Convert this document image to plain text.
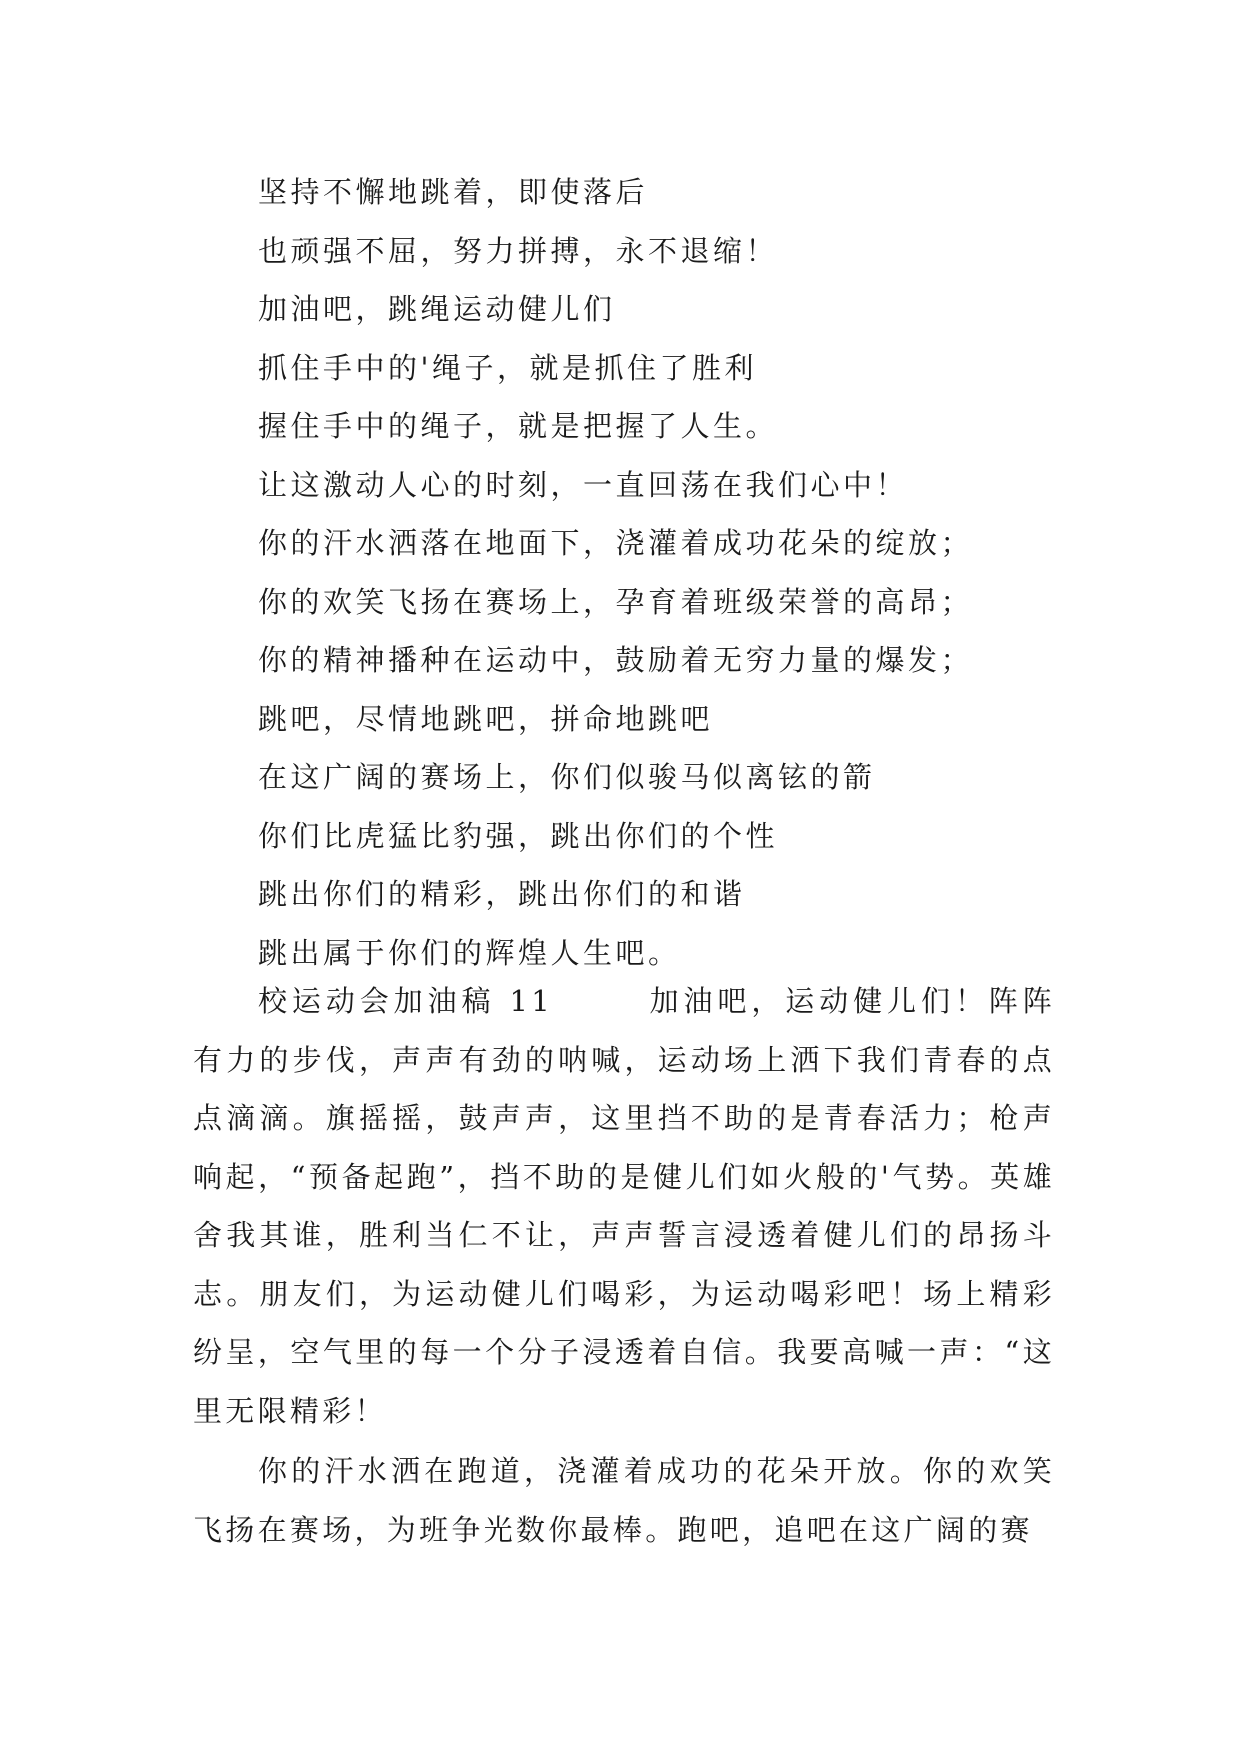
坚持不懈地跳着，即使落后
也顽强不屈，努力拼搏，永不退缩！
加油吧，跳绳运动健儿们
抓住手中的'绳子，就是抓住了胜利
握住手中的绳子，就是把握了人生。
让这激动人心的时刻，一直回荡在我们心中！
你的汗水洒落在地面下，浇灌着成功花朵的绽放；
你的欢笑飞扬在赛场上，孕育着班级荣誉的高昂；
你的精神播种在运动中，鼓励着无穷力量的爆发；
跳吧，尽情地跳吧，拼命地跳吧
在这广阔的赛场上，你们似骏马似离铉的箭
你们比虎猛比豹强，跳出你们的个性
跳出你们的精彩，跳出你们的和谐
跳出属于你们的辉煌人生吧。

校运动会加油稿 11	加油吧，运动健儿们！阵阵有力的步伐，声声有劲的呐喊，运动场上洒下我们青春的点点滴滴。旗摇摇，鼓声声，这里挡不助的是青春活力；枪声响起，“预备起跑”，挡不助的是健儿们如火般的'气势。英雄舍我其谁，胜利当仁不让，声声誓言浸透着健儿们的昂扬斗志。朋友们，为运动健儿们喝彩，为运动喝彩吧！场上精彩纷呈，空气里的每一个分子浸透着自信。我要高喊一声：“这里无限精彩！

你的汗水洒在跑道，浇灌着成功的花朵开放。你的欢笑飞扬在赛场，为班争光数你最棒。跑吧，追吧在这广阔的赛
